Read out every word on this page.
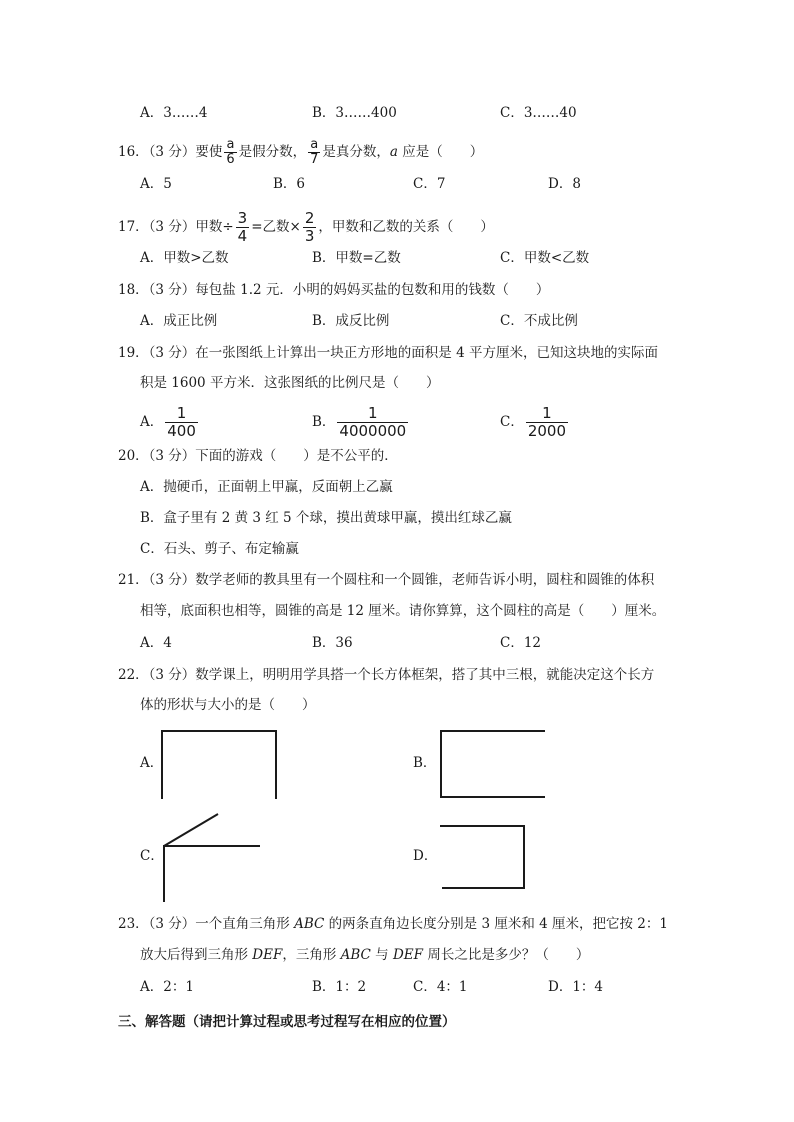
A．3……4	B．3……400	C．3……40
16．（3 分）要使 $\frac{a}{6}$ 是假分数， $\frac{a}{7}$ 是真分数，a 应是（　　）
A．5	B．6	C．7	D．8
17．（3 分）甲数÷ $\frac{3}{4}$ =乙数× $\frac{2}{3}$ ，甲数和乙数的关系（　　）
A．甲数>乙数	B．甲数=乙数	C．甲数<乙数
18．（3 分）每包盐 1.2 元．小明的妈妈买盐的包数和用的钱数（　　）
A．成正比例	B．成反比例	C．不成比例
19．（3 分）在一张图纸上计算出一块正方形地的面积是 4 平方厘米，已知这块地的实际面
积是 1600 平方米．这张图纸的比例尺是（　　）
A． $\frac{1}{400}$	B． $\frac{1}{4000000}$	C． $\frac{1}{2000}$
20．（3 分）下面的游戏（　　）是不公平的．
A．抛硬币，正面朝上甲赢，反面朝上乙赢
B．盒子里有 2 黄 3 红 5 个球，摸出黄球甲赢，摸出红球乙赢
C．石头、剪子、布定输赢
21．（3 分）数学老师的教具里有一个圆柱和一个圆锥，老师告诉小明，圆柱和圆锥的体积
相等，底面积也相等，圆锥的高是 12 厘米。请你算算，这个圆柱的高是（　　）厘米。
A．4	B．36	C．12
22．（3 分）数学课上，明明用学具搭一个长方体框架，搭了其中三根，就能决定这个长方
体的形状与大小的是（　　）
A．	B．
C．	D．
23．（3 分）一个直角三角形 ABC 的两条直角边长度分别是 3 厘米和 4 厘米，把它按 2：1
放大后得到三角形 DEF，三角形 ABC 与 DEF 周长之比是多少？（　　）
A．2：1	B．1：2	C．4：1	D．1：4
三、解答题（请把计算过程或思考过程写在相应的位置）
